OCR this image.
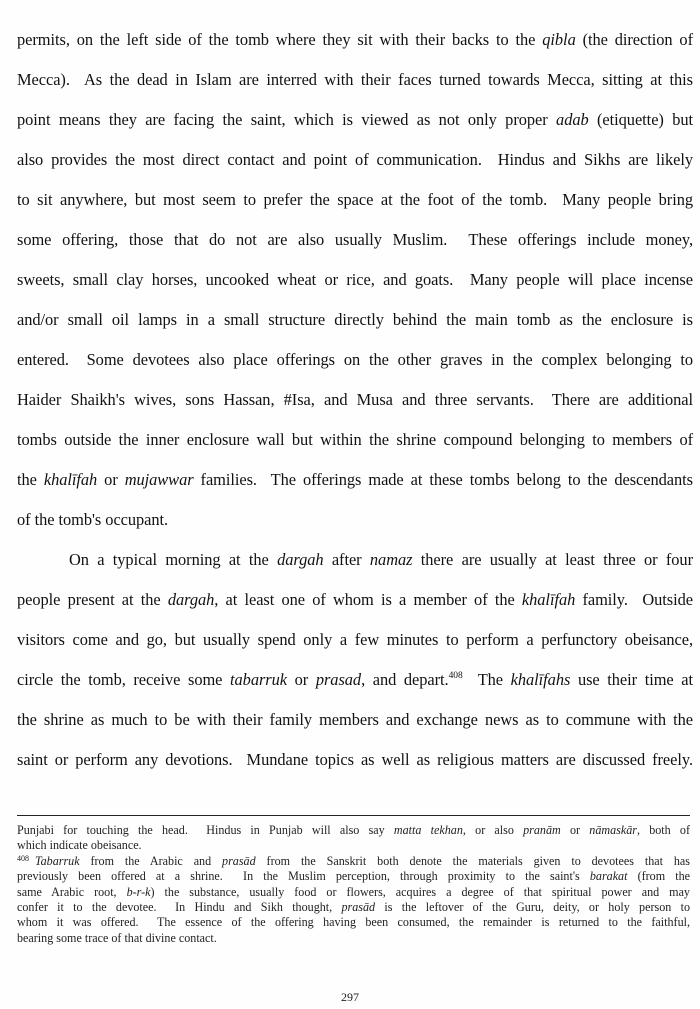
permits, on the left side of the tomb where they sit with their backs to the qibla (the direction of
Mecca).  As the dead in Islam are interred with their faces turned towards Mecca, sitting at this
point means they are facing the saint, which is viewed as not only proper adab (etiquette) but
also provides the most direct contact and point of communication.  Hindus and Sikhs are likely
to sit anywhere, but most seem to prefer the space at the foot of the tomb.  Many people bring
some offering, those that do not are also usually Muslim.  These offerings include money,
sweets, small clay horses, uncooked wheat or rice, and goats.  Many people will place incense
and/or small oil lamps in a small structure directly behind the main tomb as the enclosure is
entered.  Some devotees also place offerings on the other graves in the complex belonging to
Haider Shaikh's wives, sons Hassan, #Isa, and Musa and three servants.  There are additional
tombs outside the inner enclosure wall but within the shrine compound belonging to members of
the khalīfah or mujawwar families.  The offerings made at these tombs belong to the descendants
of the tomb's occupant.
On a typical morning at the dargah after namaz there are usually at least three or four
people present at the dargah, at least one of whom is a member of the khalīfah family.  Outside
visitors come and go, but usually spend only a few minutes to perform a perfunctory obeisance,
circle the tomb, receive some tabarruk or prasad, and depart.$^{408}$  The khalīfahs use their time at
the shrine as much to be with their family members and exchange news as to commune with the
saint or perform any devotions.  Mundane topics as well as religious matters are discussed freely.
Punjabi for touching the head.  Hindus in Punjab will also say matta tekhan, or also pranām or nāmaskār, both of
which indicate obeisance.
$^{408}$ Tabarruk from the Arabic and prasād from the Sanskrit both denote the materials given to devotees that has
previously been offered at a shrine.  In the Muslim perception, through proximity to the saint's barakat (from the
same Arabic root, b-r-k) the substance, usually food or flowers, acquires a degree of that spiritual power and may
confer it to the devotee.  In Hindu and Sikh thought, prasād is the leftover of the Guru, deity, or holy person to
whom it was offered.  The essence of the offering having been consumed, the remainder is returned to the faithful,
bearing some trace of that divine contact.
297
